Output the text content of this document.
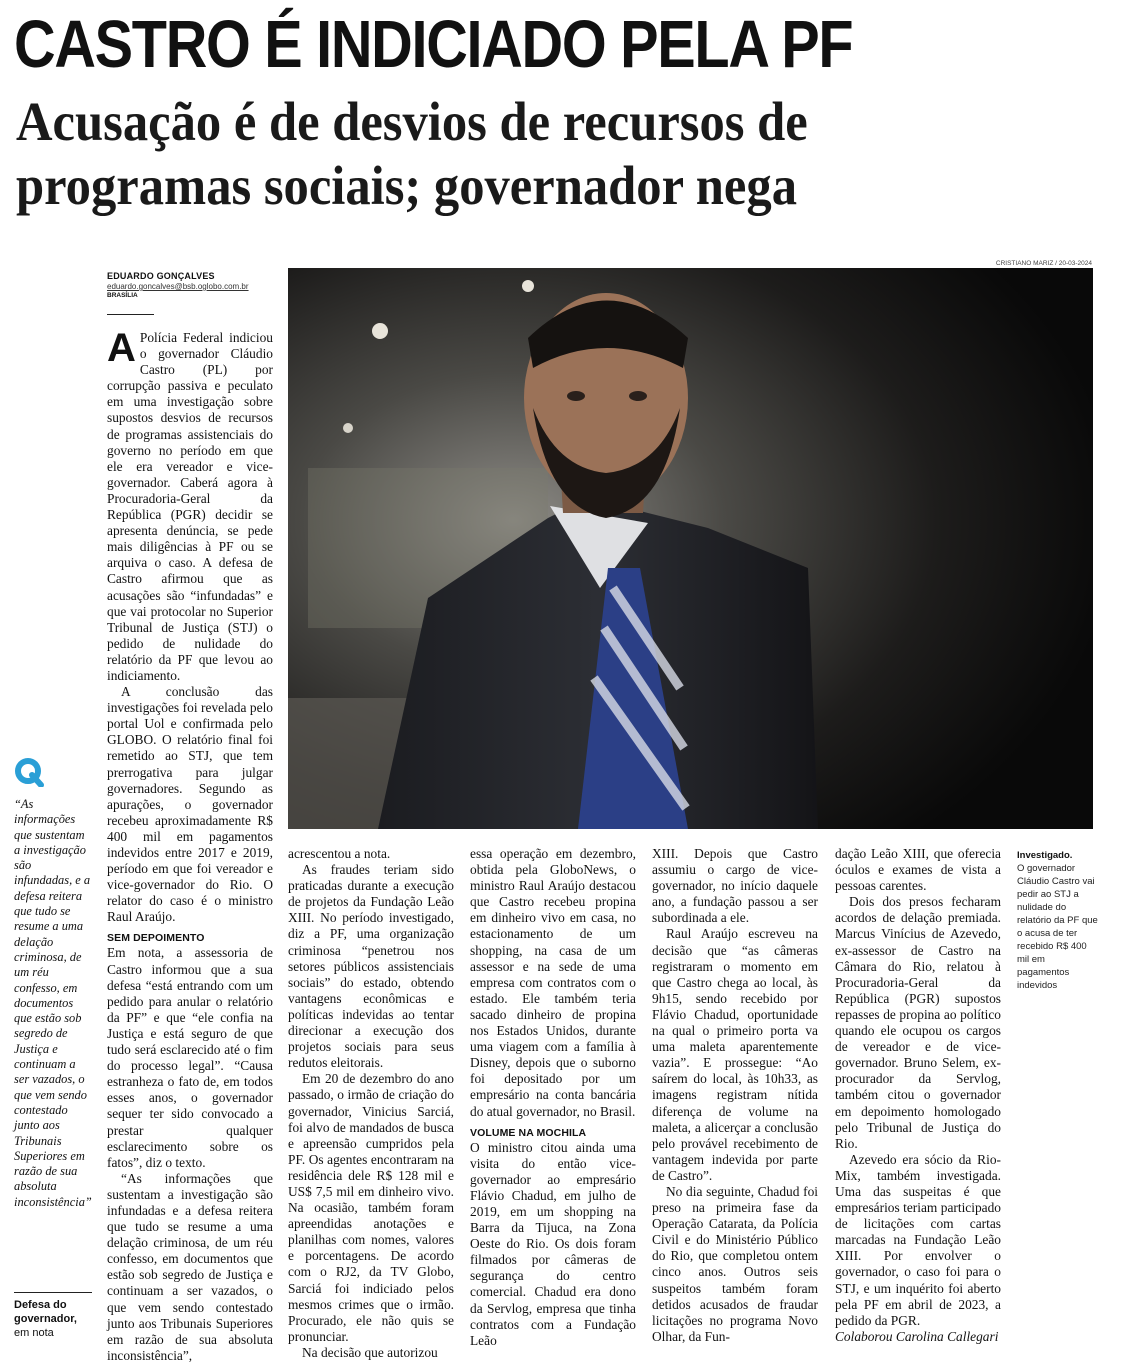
CASTRO É INDICIADO PELA PF
Acusação é de desvios de recursos de programas sociais; governador nega
EDUARDO GONÇALVES
eduardo.goncalves@bsb.oglobo.com.br
BRASÍLIA
CRISTIANO MARIZ / 20-03-2024

A Polícia Federal indiciou o governador Cláudio Castro (PL) por corrupção passiva e peculato em uma investigação sobre supostos desvios de recursos de programas assistenciais do governo no período em que ele era vereador e vice-governador. Caberá agora à Procuradoria-Geral da República (PGR) decidir se apresenta denúncia, se pede mais diligências à PF ou se arquiva o caso. A defesa de Castro afirmou que as acusações são “infundadas” e que vai protocolar no Superior Tribunal de Justiça (STJ) o pedido de nulidade do relatório da PF que levou ao indiciamento.

A conclusão das investigações foi revelada pelo portal Uol e confirmada pelo GLOBO. O relatório final foi remetido ao STJ, que tem prerrogativa para julgar governadores. Segundo as apurações, o governador recebeu aproximadamente R$ 400 mil em pagamentos indevidos entre 2017 e 2019, período em que foi vereador e vice-governador do Rio. O relator do caso é o ministro Raul Araújo.

SEM DEPOIMENTO

Em nota, a assessoria de Castro informou que a sua defesa “está entrando com um pedido para anular o relatório da PF” e que “ele confia na Justiça e está seguro de que tudo será esclarecido até o fim do processo legal”. “Causa estranheza o fato de, em todos esses anos, o governador sequer ter sido convocado a prestar qualquer esclarecimento sobre os fatos”, diz o texto.

“As informações que sustentam a investigação são infundadas e a defesa reitera que tudo se resume a uma delação criminosa, de um réu confesso, em documentos que estão sob segredo de Justiça e continuam a ser vazados, o que vem sendo contestado junto aos Tribunais Superiores em razão de sua absoluta inconsistência”,

acrescentou a nota.

As fraudes teriam sido praticadas durante a execução de projetos da Fundação Leão XIII. No período investigado, diz a PF, uma organização criminosa “penetrou nos setores públicos assistenciais sociais” do estado, obtendo vantagens econômicas e políticas indevidas ao tentar direcionar a execução dos projetos sociais para seus redutos eleitorais.

Em 20 de dezembro do ano passado, o irmão de criação do governador, Vinicius Sarciá, foi alvo de mandados de busca e apreensão cumpridos pela PF. Os agentes encontraram na residência dele R$ 128 mil e US$ 7,5 mil em dinheiro vivo. Na ocasião, também foram apreendidas anotações e planilhas com nomes, valores e porcentagens. De acordo com o RJ2, da TV Globo, Sarciá foi indiciado pelos mesmos crimes que o irmão. Procurado, ele não quis se pronunciar.

Na decisão que autorizou

essa operação em dezembro, obtida pela GloboNews, o ministro Raul Araújo destacou que Castro recebeu propina em dinheiro vivo em casa, no estacionamento de um shopping, na casa de um assessor e na sede de uma empresa com contratos com o estado. Ele também teria sacado dinheiro de propina nos Estados Unidos, durante uma viagem com a família à Disney, depois que o suborno foi depositado por um empresário na conta bancária do atual governador, no Brasil.

VOLUME NA MOCHILA

O ministro citou ainda uma visita do então vice-governador ao empresário Flávio Chadud, em julho de 2019, em um shopping na Barra da Tijuca, na Zona Oeste do Rio. Os dois foram filmados por câmeras de segurança do centro comercial. Chadud era dono da Servlog, empresa que tinha contratos com a Fundação Leão

XIII. Depois que Castro assumiu o cargo de vice-governador, no início daquele ano, a fundação passou a ser subordinada a ele.

Raul Araújo escreveu na decisão que “as câmeras registraram o momento em que Castro chega ao local, às 9h15, sendo recebido por Flávio Chadud, oportunidade na qual o primeiro porta va uma maleta aparentemente vazia”. E prossegue: “Ao saírem do local, às 10h33, as imagens registram nítida diferença de volume na maleta, a alicerçar a conclusão pelo provável recebimento de vantagem indevida por parte de Castro”.

No dia seguinte, Chadud foi preso na primeira fase da Operação Catarata, da Polícia Civil e do Ministério Público do Rio, que completou ontem cinco anos. Outros seis suspeitos também foram detidos acusados de fraudar licitações no programa Novo Olhar, da Fun-

dação Leão XIII, que oferecia óculos e exames de vista a pessoas carentes.

Dois dos presos fecharam acordos de delação premiada. Marcus Vinícius de Azevedo, ex-assessor de Castro na Câmara do Rio, relatou à Procuradoria-Geral da República (PGR) supostos repasses de propina ao político quando ele ocupou os cargos de vereador e de vice-governador. Bruno Selem, ex-procurador da Servlog, também citou o governador em depoimento homologado pelo Tribunal de Justiça do Rio.

Azevedo era sócio da Rio-Mix, também investigada. Uma das suspeitas é que empresários teriam participado de licitações com cartas marcadas na Fundação Leão XIII. Por envolver o governador, o caso foi para o STJ, e um inquérito foi aberto pela PF em abril de 2023, a pedido da PGR.

Colaborou Carolina Callegari

“As informações que sustentam a investigação são infundadas, e a defesa reitera que tudo se resume a uma delação criminosa, de um réu confesso, em documentos que estão sob segredo de Justiça e continuam a ser vazados, o que vem sendo contestado junto aos Tribunais Superiores em razão de sua absoluta inconsistência”
Defesa do governador,
em nota
Investigado.
O governador Cláudio Castro vai pedir ao STJ a nulidade do relatório da PF que o acusa de ter recebido R$ 400 mil em pagamentos indevidos
